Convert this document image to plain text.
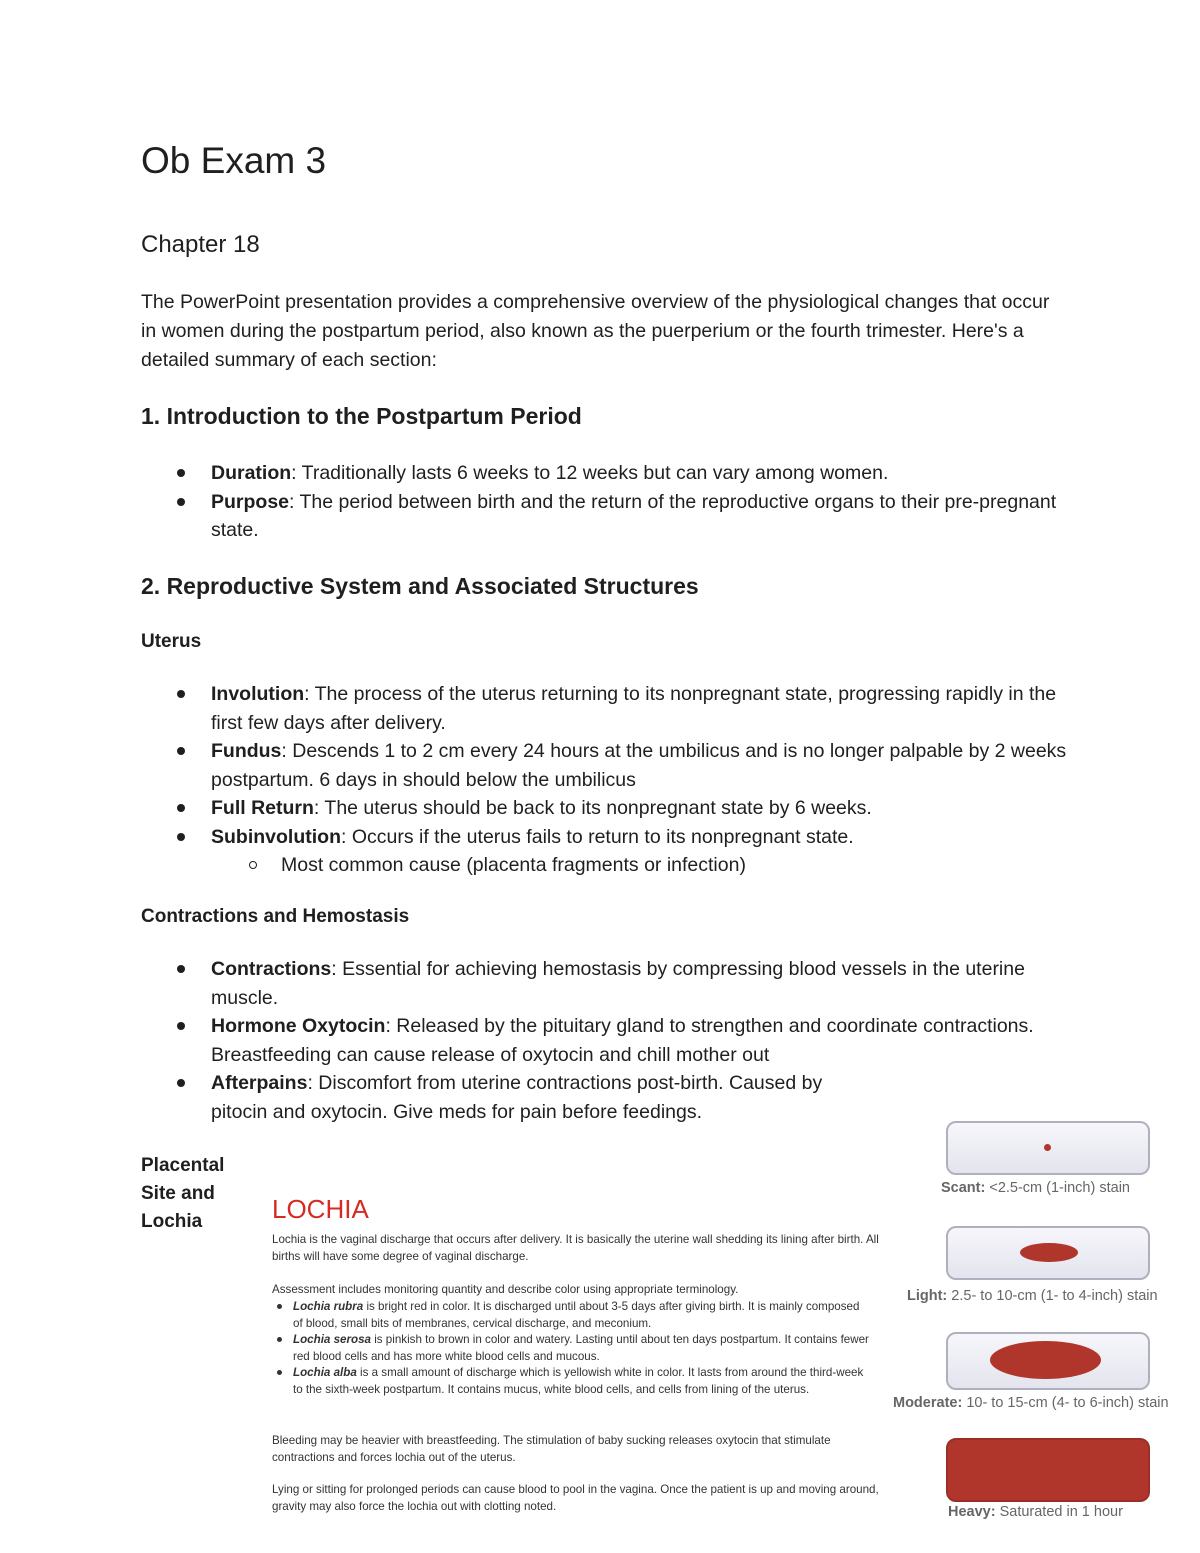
Ob Exam 3
Chapter 18

The PowerPoint presentation provides a comprehensive overview of the physiological changes that occur in women during the postpartum period, also known as the puerperium or the fourth trimester. Here's a detailed summary of each section:

1. Introduction to the Postpartum Period
Duration: Traditionally lasts 6 weeks to 12 weeks but can vary among women.
Purpose: The period between birth and the return of the reproductive organs to their pre-pregnant state.
2. Reproductive System and Associated Structures
Uterus
Involution: The process of the uterus returning to its nonpregnant state, progressing rapidly in the first few days after delivery.
Fundus: Descends 1 to 2 cm every 24 hours at the umbilicus and is no longer palpable by 2 weeks postpartum. 6 days in should below the umbilicus
Full Return: The uterus should be back to its nonpregnant state by 6 weeks.
Subinvolution: Occurs if the uterus fails to return to its nonpregnant state.
Most common cause (placenta fragments or infection)
Contractions and Hemostasis
Contractions: Essential for achieving hemostasis by compressing blood vessels in the uterine muscle.
Hormone Oxytocin: Released by the pituitary gland to strengthen and coordinate contractions. Breastfeeding can cause release of oxytocin and chill mother out
Afterpains: Discomfort from uterine contractions post-birth. Caused by pitocin and oxytocin. Give meds for pain before feedings.

Placental Site and Lochia	LOCHIA

Lochia is the vaginal discharge that occurs after delivery. It is basically the uterine wall shedding its lining after birth. All births will have some degree of vaginal discharge.

Assessment includes monitoring quantity and describe color using appropriate terminology.

Lochia rubra is bright red in color. It is discharged until about 3-5 days after giving birth. It is mainly composed of blood, small bits of membranes, cervical discharge, and meconium.
Lochia serosa is pinkish to brown in color and watery. Lasting until about ten days postpartum. It contains fewer red blood cells and has more white blood cells and mucous.
Lochia alba is a small amount of discharge which is yellowish white in color. It lasts from around the third-week to the sixth-week postpartum. It contains mucus, white blood cells, and cells from lining of the uterus.

Bleeding may be heavier with breastfeeding. The stimulation of baby sucking releases oxytocin that stimulate contractions and forces lochia out of the uterus.

Lying or sitting for prolonged periods can cause blood to pool in the vagina. Once the patient is up and moving around, gravity may also force the lochia out with clotting noted.

Scant: <2.5-cm (1-inch) stain

Light: 2.5- to 10-cm (1- to 4-inch) stain

Moderate: 10- to 15-cm (4- to 6-inch) stain

Heavy: Saturated in 1 hour
